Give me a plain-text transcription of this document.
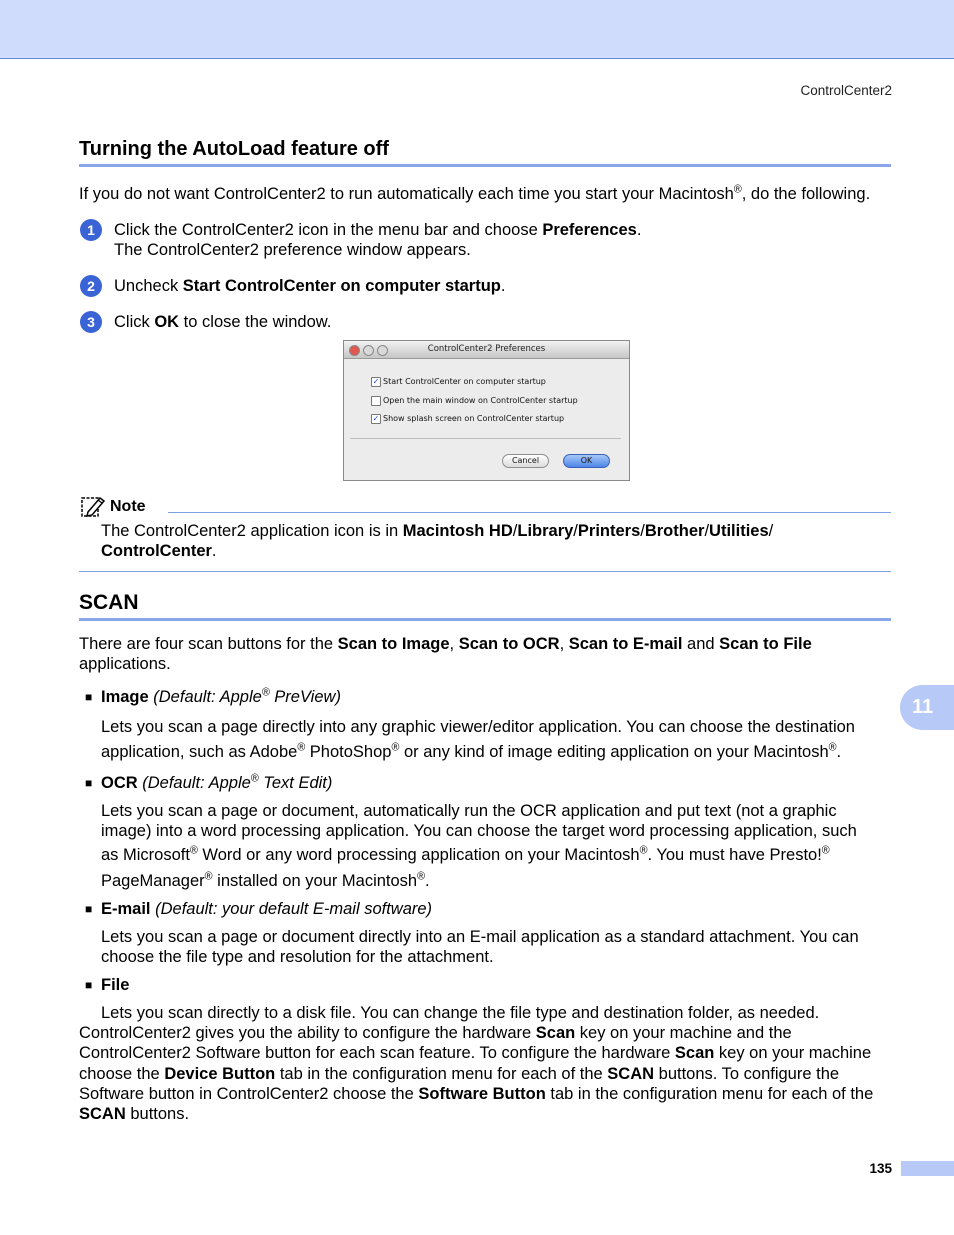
ControlCenter2
Turning the AutoLoad feature off
If you do not want ControlCenter2 to run automatically each time you start your Macintosh®, do the following.
1	Click the ControlCenter2 icon in the menu bar and choose Preferences.
The ControlCenter2 preference window appears.
2	Uncheck Start ControlCenter on computer startup.
3	Click OK to close the window.
ControlCenter2 Preferences
✓ Start ControlCenter on computer startup
Open the main window on ControlCenter startup
✓ Show splash screen on ControlCenter startup
Cancel	OK
Note
The ControlCenter2 application icon is in Macintosh HD/Library/Printers/Brother/Utilities/
ControlCenter.
SCAN
There are four scan buttons for the Scan to Image, Scan to OCR, Scan to E-mail and Scan to File
applications.
■ Image (Default: Apple® PreView)
Lets you scan a page directly into any graphic viewer/editor application. You can choose the destination
application, such as Adobe® PhotoShop® or any kind of image editing application on your Macintosh®.
■ OCR (Default: Apple® Text Edit)
Lets you scan a page or document, automatically run the OCR application and put text (not a graphic
image) into a word processing application. You can choose the target word processing application, such
as Microsoft® Word or any word processing application on your Macintosh®. You must have Presto!®
PageManager® installed on your Macintosh®.
■ E-mail (Default: your default E-mail software)
Lets you scan a page or document directly into an E-mail application as a standard attachment. You can
choose the file type and resolution for the attachment.
■ File
Lets you scan directly to a disk file. You can change the file type and destination folder, as needed.
ControlCenter2 gives you the ability to configure the hardware Scan key on your machine and the
ControlCenter2 Software button for each scan feature. To configure the hardware Scan key on your machine
choose the Device Button tab in the configuration menu for each of the SCAN buttons. To configure the
Software button in ControlCenter2 choose the Software Button tab in the configuration menu for each of the
SCAN buttons.
11
135
